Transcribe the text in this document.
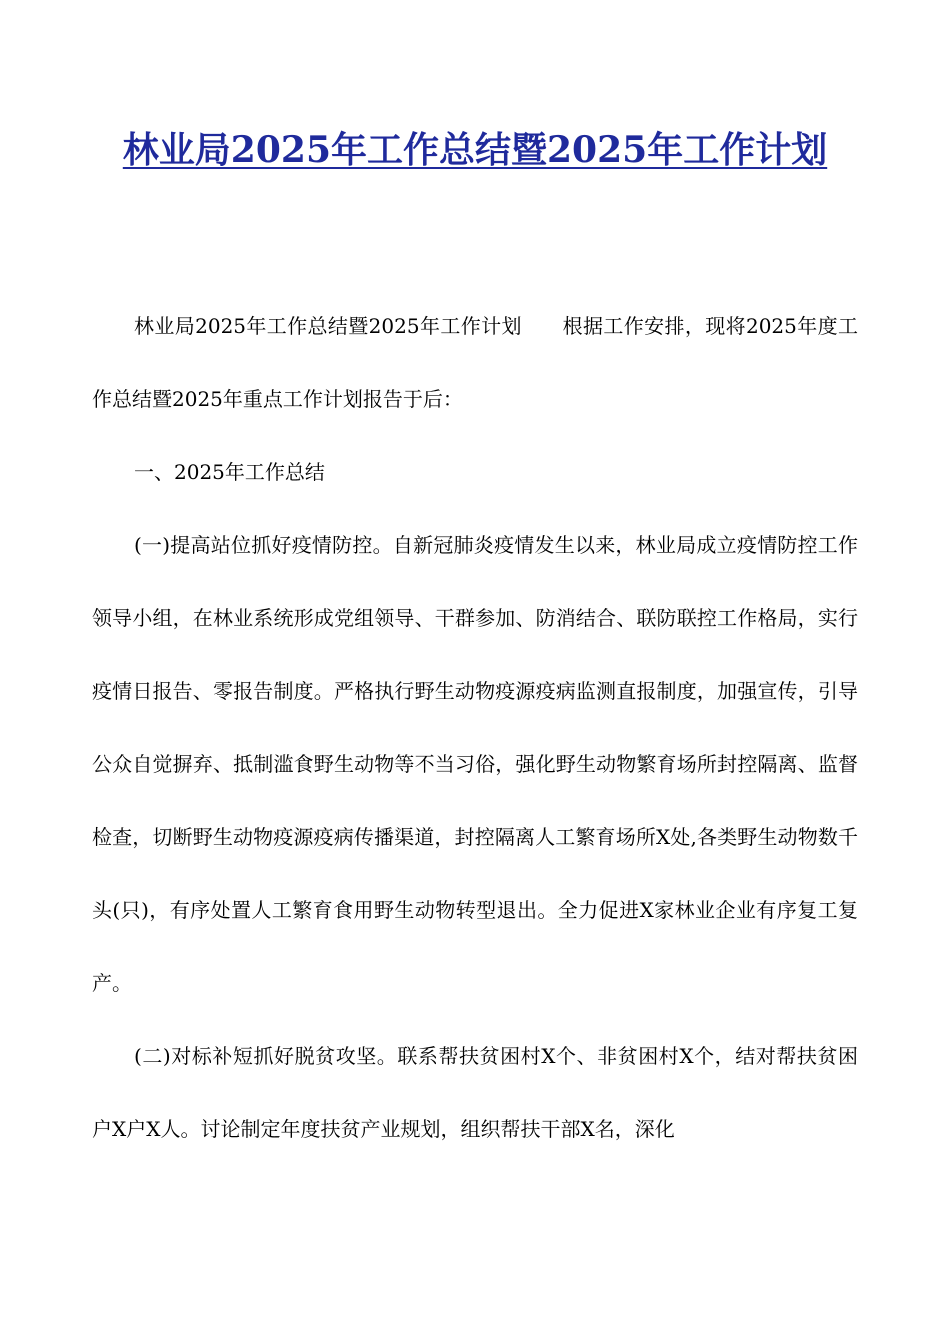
林业局2025年工作总结暨2025年工作计划

林业局2025年工作总结暨2025年工作计划　　根据工作安排，现将2025年度工作总结暨2025年重点工作计划报告于后：

一、2025年工作总结

(一)提高站位抓好疫情防控。自新冠肺炎疫情发生以来，林业局成立疫情防控工作领导小组，在林业系统形成党组领导、干群参加、防消结合、联防联控工作格局，实行疫情日报告、零报告制度。严格执行野生动物疫源疫病监测直报制度，加强宣传，引导公众自觉摒弃、抵制滥食野生动物等不当习俗，强化野生动物繁育场所封控隔离、监督检查，切断野生动物疫源疫病传播渠道，封控隔离人工繁育场所X处,各类野生动物数千头(只)，有序处置人工繁育食用野生动物转型退出。全力促进X家林业企业有序复工复产。

(二)对标补短抓好脱贫攻坚。联系帮扶贫困村X个、非贫困村X个，结对帮扶贫困户X户X人。讨论制定年度扶贫产业规划，组织帮扶干部X名，深化
